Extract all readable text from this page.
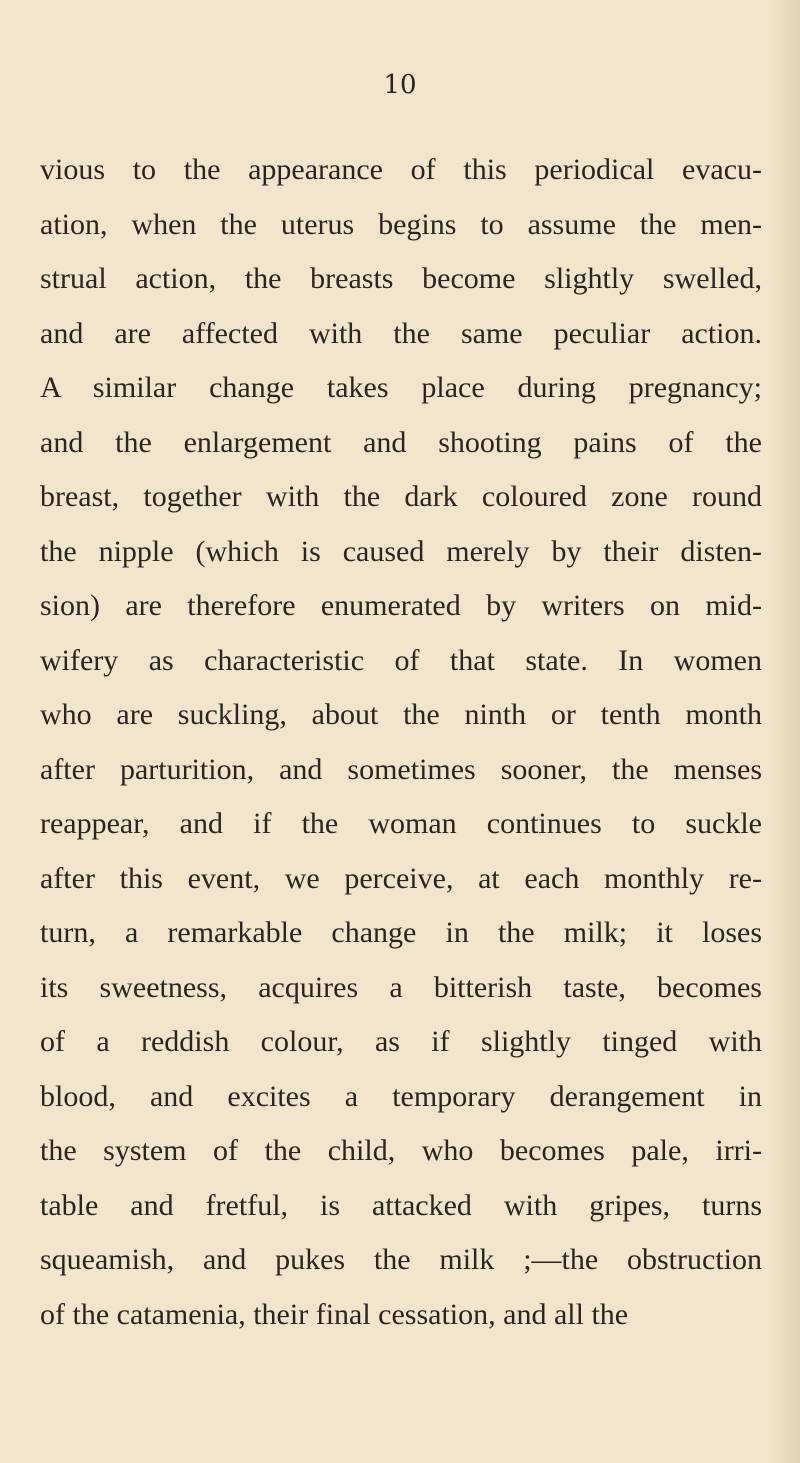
10
vious to the appearance of this periodical evacu-
ation, when the uterus begins to assume the men-
strual action, the breasts become slightly swelled,
and are affected with the same peculiar action.
A similar change takes place during pregnancy;
and the enlargement and shooting pains of the
breast, together with the dark coloured zone round
the nipple (which is caused merely by their disten-
sion) are therefore enumerated by writers on mid-
wifery as characteristic of that state. In women
who are suckling, about the ninth or tenth month
after parturition, and sometimes sooner, the menses
reappear, and if the woman continues to suckle
after this event, we perceive, at each monthly re-
turn, a remarkable change in the milk; it loses
its sweetness, acquires a bitterish taste, becomes
of a reddish colour, as if slightly tinged with
blood, and excites a temporary derangement in
the system of the child, who becomes pale, irri-
table and fretful, is attacked with gripes, turns
squeamish, and pukes the milk ;—the obstruction
of the catamenia, their final cessation, and all the
